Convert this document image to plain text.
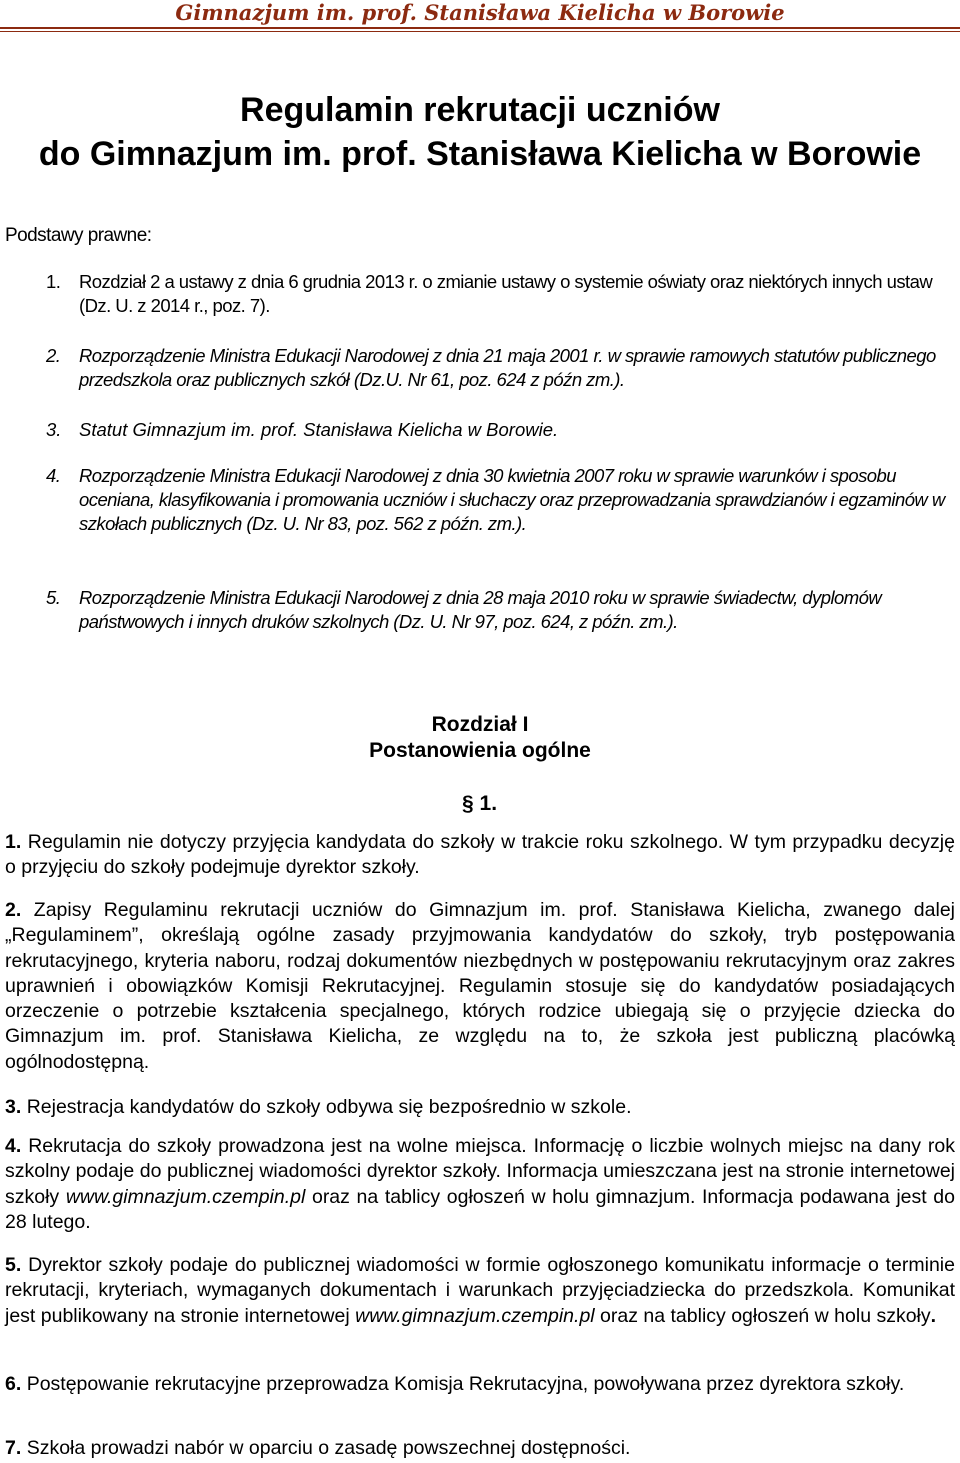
Gimnazjum im. prof. Stanisława Kielicha w Borowie
Regulamin rekrutacji uczniów
do Gimnazjum im. prof. Stanisława Kielicha w Borowie
Podstawy prawne:
1.	Rozdział 2 a ustawy z dnia 6 grudnia 2013 r. o zmianie ustawy o systemie oświaty oraz niektórych innych ustaw (Dz. U. z 2014 r., poz. 7).
2.	Rozporządzenie Ministra Edukacji Narodowej z dnia 21 maja 2001 r. w sprawie ramowych statutów publicznego przedszkola oraz publicznych szkół (Dz.U. Nr 61, poz. 624 z późn zm.).
3. Statut Gimnazjum im. prof. Stanisława Kielicha w Borowie.
4.	Rozporządzenie Ministra Edukacji Narodowej z dnia 30 kwietnia 2007 roku w sprawie warunków i sposobu oceniana, klasyfikowania i promowania uczniów i słuchaczy oraz przeprowadzania sprawdzianów i egzaminów w szkołach publicznych (Dz. U. Nr 83, poz. 562 z późn. zm.).
5.	Rozporządzenie Ministra Edukacji Narodowej z dnia 28 maja 2010 roku w sprawie świadectw, dyplomów państwowych i innych druków szkolnych (Dz. U. Nr 97, poz. 624, z późn. zm.).
Rozdział I
Postanowienia ogólne
§ 1.
1. Regulamin nie dotyczy przyjęcia kandydata do szkoły w trakcie roku szkolnego. W tym przypadku decyzję o przyjęciu do szkoły podejmuje dyrektor szkoły.
2. Zapisy Regulaminu rekrutacji uczniów do Gimnazjum im. prof. Stanisława Kielicha, zwanego dalej „Regulaminem”, określają ogólne zasady przyjmowania kandydatów do szkoły, tryb postępowania rekrutacyjnego, kryteria naboru, rodzaj dokumentów niezbędnych w postępowaniu rekrutacyjnym oraz zakres uprawnień i obowiązków Komisji Rekrutacyjnej. Regulamin stosuje się do kandydatów posiadających orzeczenie o potrzebie kształcenia specjalnego, których rodzice ubiegają się o przyjęcie dziecka do Gimnazjum im. prof. Stanisława Kielicha, ze względu na to, że szkoła jest publiczną placówką ogólnodostępną.
3. Rejestracja kandydatów do szkoły odbywa się bezpośrednio w szkole.
4. Rekrutacja do szkoły prowadzona jest na wolne miejsca. Informację o liczbie wolnych miejsc na dany rok szkolny podaje do publicznej wiadomości dyrektor szkoły. Informacja umieszczana jest na stronie internetowej szkoły www.gimnazjum.czempin.pl oraz na tablicy ogłoszeń w holu gimnazjum. Informacja podawana jest do 28 lutego.
5. Dyrektor szkoły podaje do publicznej wiadomości w formie ogłoszonego komunikatu informacje o terminie rekrutacji, kryteriach, wymaganych dokumentach i warunkach przyjęciadziecka do przedszkola. Komunikat jest publikowany na stronie internetowej www.gimnazjum.czempin.pl oraz na tablicy ogłoszeń w holu szkoły.
6. Postępowanie rekrutacyjne przeprowadza Komisja Rekrutacyjna, powoływana przez dyrektora szkoły.
7. Szkoła prowadzi nabór w oparciu o zasadę powszechnej dostępności.
